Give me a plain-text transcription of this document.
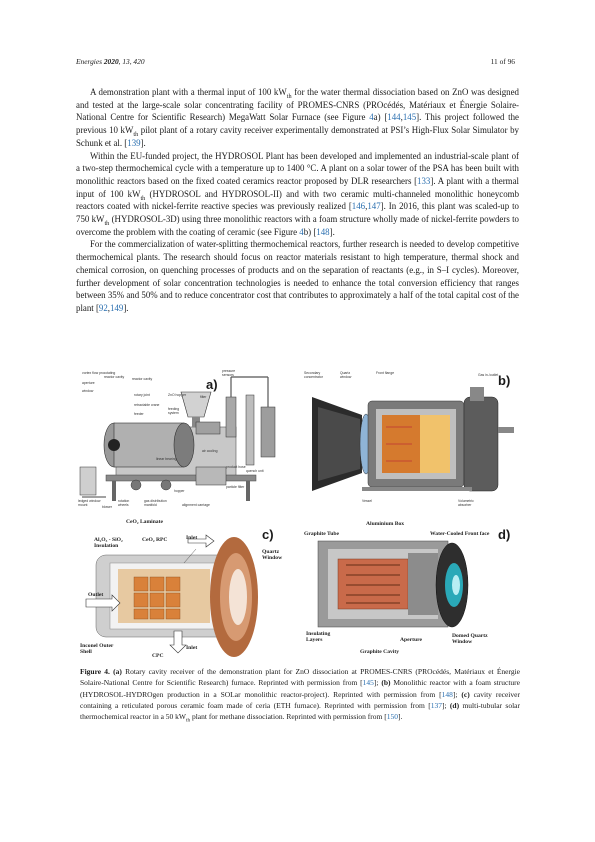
Energies 2020, 13, 420	11 of 96

A demonstration plant with a thermal input of 100 $kW_{th}$ for the water thermal dissociation based on ZnO was designed and tested at the large-scale solar concentrating facility of PROMES-CNRS (PROcédés, Matériaux et Énergie Solaire-National Centre for Scientific Research) MegaWatt Solar Furnace (see Figure 4a) [144,145]. This project followed the previous 10 $kW_{th}$ pilot plant of a rotary cavity receiver experimentally demonstrated at PSI’s High-Flux Solar Simulator by Schunk et al. [139].

Within the EU-funded project, the HYDROSOL Plant has been developed and implemented an industrial-scale plant of a two-step thermochemical cycle with a temperature up to 1400 °C. A plant on a solar tower of the PSA has been built with monolithic reactors based on the fixed coated ceramics reactor proposed by DLR researchers [133]. A plant with a thermal input of 100 $kW_{th}$ (HYDROSOL and HYDROSOL-II) and with two ceramic multi-channeled monolithic honeycomb reactors coated with nickel-ferrite reactive species was previously realized [146,147]. In 2016, this plant was scaled-up to 750 $kW_{th}$ (HYDROSOL-3D) using three monolithic reactors with a foam structure wholly made of nickel-ferrite powders to overcome the problem with the coating of ceramic (see Figure 4b) [148].

For the commercialization of water-splitting thermochemical reactors, further research is needed to develop competitive thermochemical plants. The research should focus on reactor materials resistant to high temperature, thermal shock and chemical corrosion, on quenching processes of products and on the separation of reactants (e.g., in S–I cycles). Moreover, further development of solar concentration technologies is needed to enhance the total conversion efficiency that ranges between 35% and 50% and to reduce concentrator cost that contributes to approximately a half of the total capital cost of the plant [92,149].

vortex flow pro-
rotating reactor cavity
aperture
window
reactor cavity
rotary joint
retractable crane
feeder
ZnO hopper
feeding system
filter
pressure sensors
quench unit
particle filter
product hose
air cooling
linear bearing
hopper
gas distribution manifold	alignment carriage
rotation wheels
ledged window mount	blower
a)
Secondary concentrator
Quartz window
Front flange	Gas in-/outlet
Vessel	Volumetric absorber
b)
CeO₂ Laminate
Al₂O₃ - SiO₂ Insulation
CeO₂ RPC	Inlet
Quartz Window
Outlet
Inlet
Inconel Outer Shell
CPC
c)
Aluminium Box
Graphite Tube	Water-Cooled Front face
Insulating Layers	Aperture
Domed Quartz Window
Graphite Cavity
d)
Figure 4. (a) Rotary cavity receiver of the demonstration plant for ZnO dissociation at PROMES-CNRS (PROcédés, Matériaux et Énergie Solaire-National Centre for Scientific Research) furnace. Reprinted with permission from [145]; (b) Monolithic reactor with a foam structure (HYDROSOL-HYDROgen production in a SOLar monolithic reactor-project). Reprinted with permission from [148]; (c) cavity receiver containing a reticulated porous ceramic foam made of ceria (ETH furnace). Reprinted with permission from [137]; (d) multi-tubular solar thermochemical reactor in a 50 $kW_{th}$ plant for methane dissociation. Reprinted with permission from [150].
